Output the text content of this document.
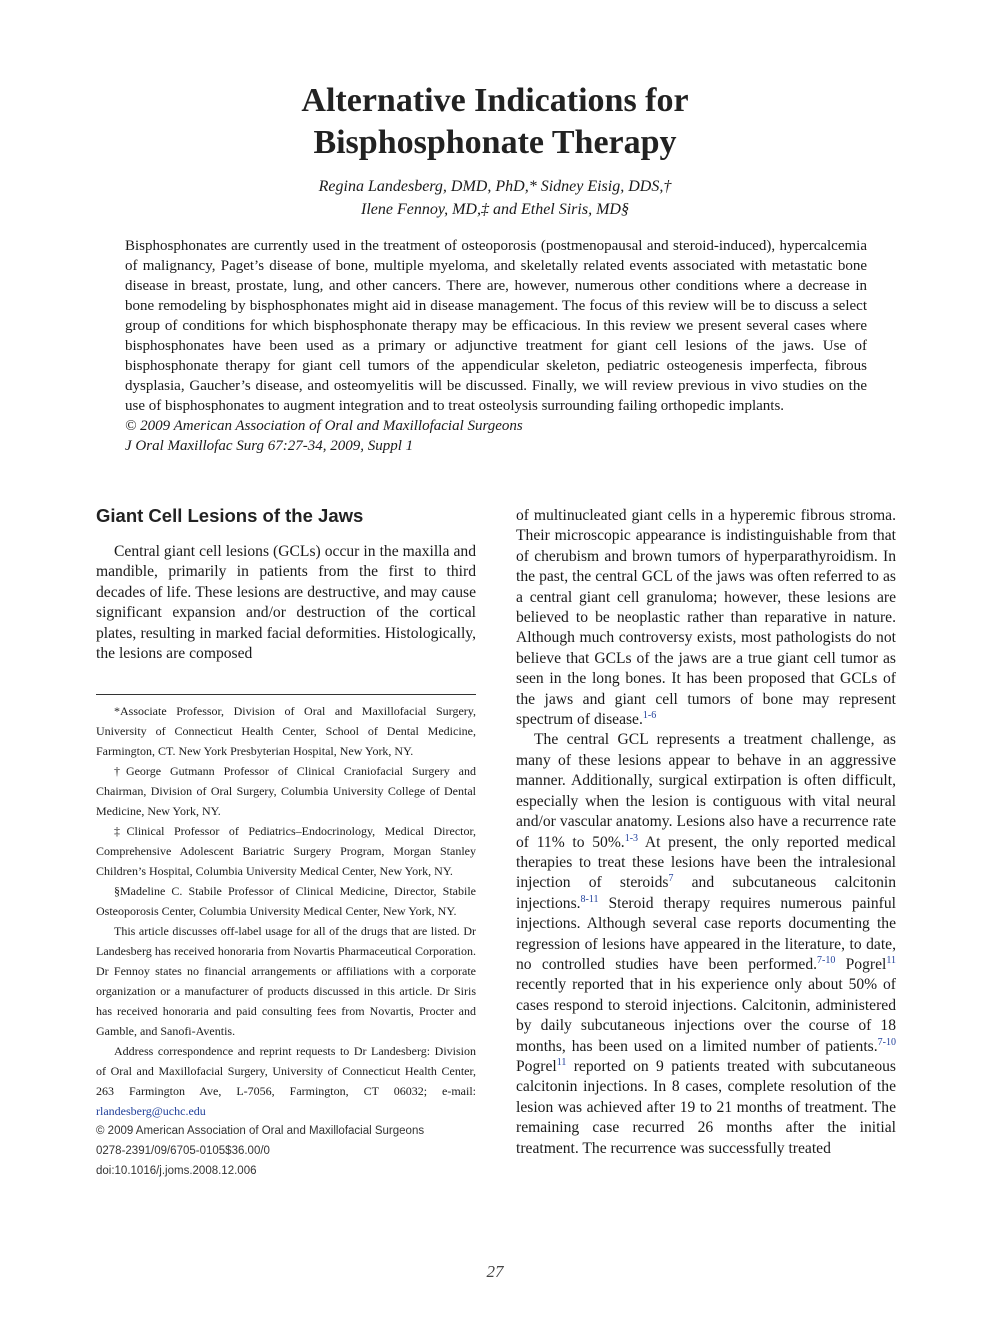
Alternative Indications for
Bisphosphonate Therapy
Regina Landesberg, DMD, PhD,* Sidney Eisig, DDS,†
Ilene Fennoy, MD,‡ and Ethel Siris, MD§

Bisphosphonates are currently used in the treatment of osteoporosis (postmenopausal and steroid-induced), hypercalcemia of malignancy, Paget’s disease of bone, multiple myeloma, and skeletally related events associated with metastatic bone disease in breast, prostate, lung, and other cancers. There are, however, numerous other conditions where a decrease in bone remodeling by bisphosphonates might aid in disease management. The focus of this review will be to discuss a select group of conditions for which bisphosphonate therapy may be efficacious. In this review we present several cases where bisphosphonates have been used as a primary or adjunctive treatment for giant cell lesions of the jaws. Use of bisphosphonate therapy for giant cell tumors of the appendicular skeleton, pediatric osteogenesis imperfecta, fibrous dysplasia, Gaucher’s disease, and osteomyelitis will be discussed. Finally, we will review previous in vivo studies on the use of bisphosphonates to augment integration and to treat osteolysis surrounding failing orthopedic implants.

© 2009 American Association of Oral and Maxillofacial Surgeons

J Oral Maxillofac Surg 67:27-34, 2009, Suppl 1

Giant Cell Lesions of the Jaws

Central giant cell lesions (GCLs) occur in the maxilla and mandible, primarily in patients from the first to third decades of life. These lesions are destructive, and may cause significant expansion and/or destruction of the cortical plates, resulting in marked facial deformities. Histologically, the lesions are composed

*Associate Professor, Division of Oral and Maxillofacial Surgery, University of Connecticut Health Center, School of Dental Medicine, Farmington, CT. New York Presbyterian Hospital, New York, NY.

†George Gutmann Professor of Clinical Craniofacial Surgery and Chairman, Division of Oral Surgery, Columbia University College of Dental Medicine, New York, NY.

‡Clinical Professor of Pediatrics–Endocrinology, Medical Director, Comprehensive Adolescent Bariatric Surgery Program, Morgan Stanley Children’s Hospital, Columbia University Medical Center, New York, NY.

§Madeline C. Stabile Professor of Clinical Medicine, Director, Stabile Osteoporosis Center, Columbia University Medical Center, New York, NY.

This article discusses off-label usage for all of the drugs that are listed. Dr Landesberg has received honoraria from Novartis Pharmaceutical Corporation. Dr Fennoy states no financial arrangements or affiliations with a corporate organization or a manufacturer of products discussed in this article. Dr Siris has received honoraria and paid consulting fees from Novartis, Procter and Gamble, and Sanofi-Aventis.

Address correspondence and reprint requests to Dr Landesberg: Division of Oral and Maxillofacial Surgery, University of Connecticut Health Center, 263 Farmington Ave, L-7056, Farmington, CT 06032; e-mail: rlandesberg@uchc.edu

© 2009 American Association of Oral and Maxillofacial Surgeons
0278-2391/09/6705-0105$36.00/0
doi:10.1016/j.joms.2008.12.006

of multinucleated giant cells in a hyperemic fibrous stroma. Their microscopic appearance is indistinguishable from that of cherubism and brown tumors of hyperparathyroidism. In the past, the central GCL of the jaws was often referred to as a central giant cell granuloma; however, these lesions are believed to be neoplastic rather than reparative in nature. Although much controversy exists, most pathologists do not believe that GCLs of the jaws are a true giant cell tumor as seen in the long bones. It has been proposed that GCLs of the jaws and giant cell tumors of bone may represent spectrum of disease.$^{1-6}$

The central GCL represents a treatment challenge, as many of these lesions appear to behave in an aggressive manner. Additionally, surgical extirpation is often difficult, especially when the lesion is contiguous with vital neural and/or vascular anatomy. Lesions also have a recurrence rate of 11% to 50%.$^{1-3}$ At present, the only reported medical therapies to treat these lesions have been the intralesional injection of steroids$^7$ and subcutaneous calcitonin injections.$^{8-11}$ Steroid therapy requires numerous painful injections. Although several case reports documenting the regression of lesions have appeared in the literature, to date, no controlled studies have been performed.$^{7-10}$ Pogrel$^{11}$ recently reported that in his experience only about 50% of cases respond to steroid injections. Calcitonin, administered by daily subcutaneous injections over the course of 18 months, has been used on a limited number of patients.$^{7-10}$ Pogrel$^{11}$ reported on 9 patients treated with subcutaneous calcitonin injections. In 8 cases, complete resolution of the lesion was achieved after 19 to 21 months of treatment. The remaining case recurred 26 months after the initial treatment. The recurrence was successfully treated

27
